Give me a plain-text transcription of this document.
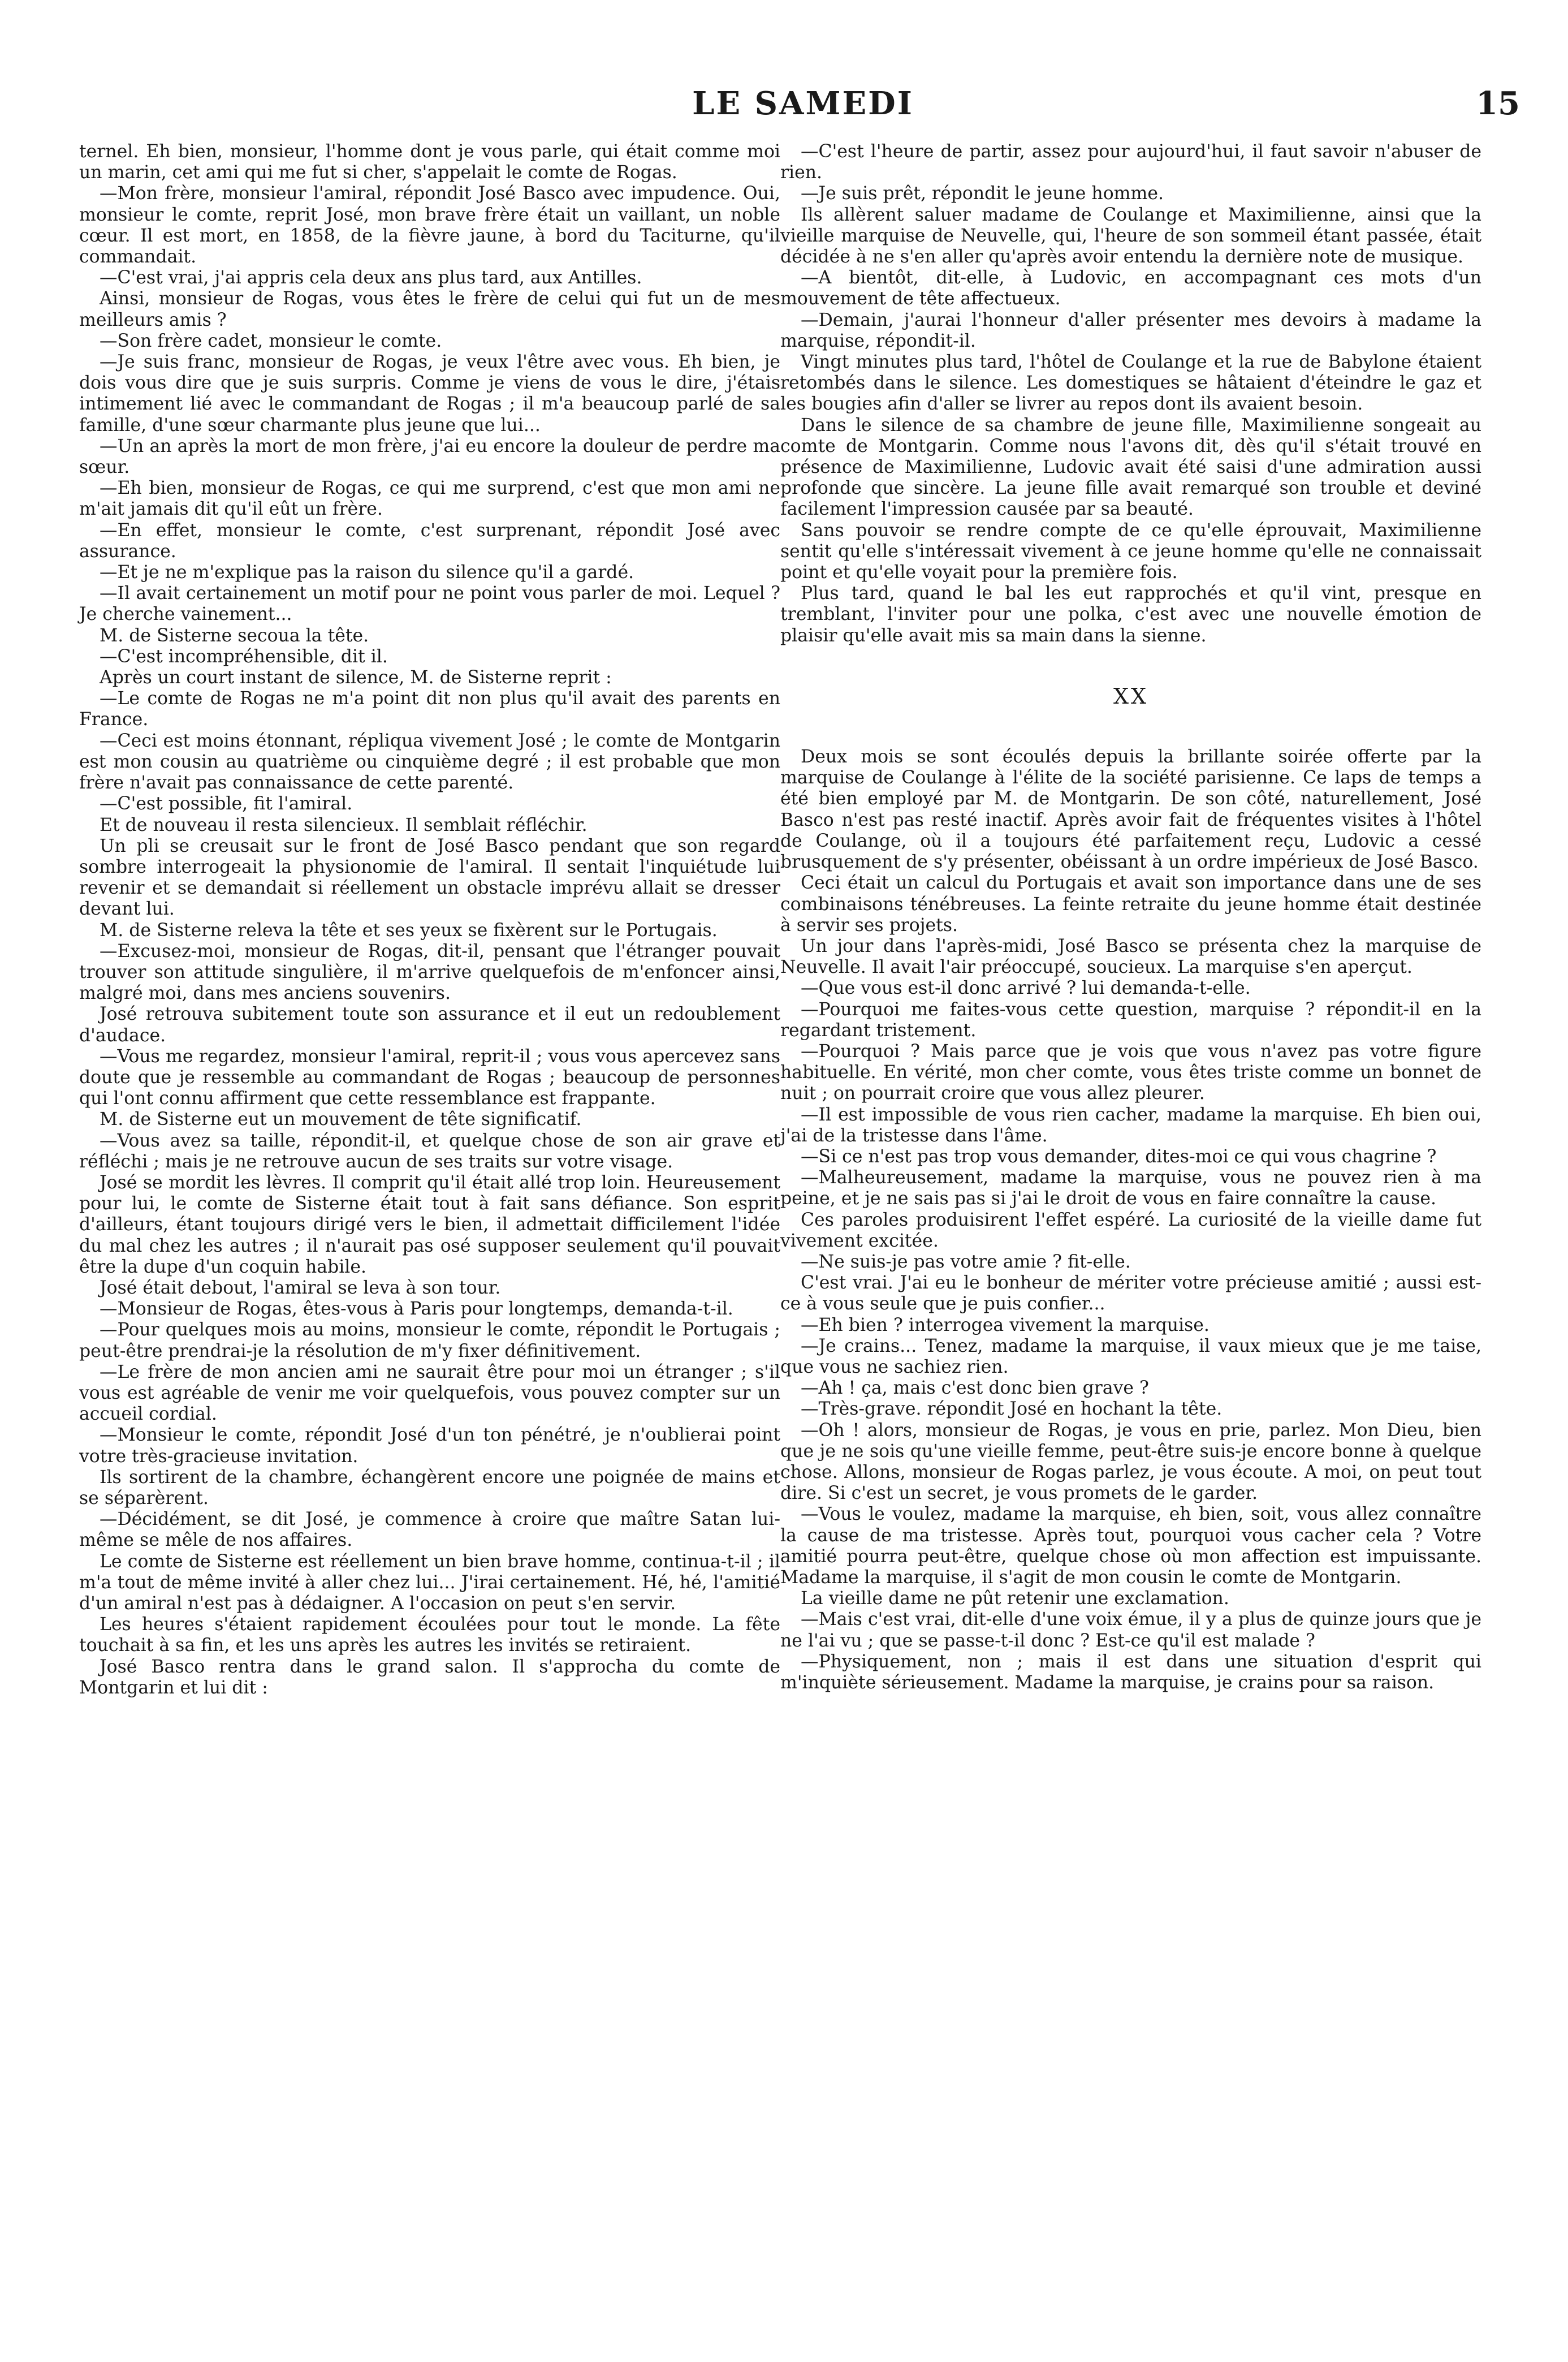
LE SAMEDI	15

ternel. Eh bien, monsieur, l'homme dont je vous parle, qui était comme moi un marin, cet ami qui me fut si cher, s'appelait le comte de Rogas.

—Mon frère, monsieur l'amiral, répondit José Basco avec impudence. Oui, monsieur le comte, reprit José, mon brave frère était un vaillant, un noble cœur. Il est mort, en 1858, de la fièvre jaune, à bord du Taciturne, qu'il commandait.

—C'est vrai, j'ai appris cela deux ans plus tard, aux Antilles.

Ainsi, monsieur de Rogas, vous êtes le frère de celui qui fut un de mes meilleurs amis ?

—Son frère cadet, monsieur le comte.

—Je suis franc, monsieur de Rogas, je veux l'être avec vous. Eh bien, je dois vous dire que je suis surpris. Comme je viens de vous le dire, j'étais intimement lié avec le commandant de Rogas ; il m'a beaucoup parlé de sa famille, d'une sœur charmante plus jeune que lui...

—Un an après la mort de mon frère, j'ai eu encore la douleur de perdre ma sœur.

—Eh bien, monsieur de Rogas, ce qui me surprend, c'est que mon ami ne m'ait jamais dit qu'il eût un frère.

—En effet, monsieur le comte, c'est surprenant, répondit José avec assurance.

—Et je ne m'explique pas la raison du silence qu'il a gardé.

—Il avait certainement un motif pour ne point vous parler de moi. Lequel ? Je cherche vainement...

M. de Sisterne secoua la tête.

—C'est incompréhensible, dit il.

Après un court instant de silence, M. de Sisterne reprit :

—Le comte de Rogas ne m'a point dit non plus qu'il avait des parents en France.

—Ceci est moins étonnant, répliqua vivement José ; le comte de Montgarin est mon cousin au quatrième ou cinquième degré ; il est probable que mon frère n'avait pas connaissance de cette parenté.

—C'est possible, fit l'amiral.

Et de nouveau il resta silencieux. Il semblait réfléchir.

Un pli se creusait sur le front de José Basco pendant que son regard sombre interrogeait la physionomie de l'amiral. Il sentait l'inquiétude lui revenir et se demandait si réellement un obstacle imprévu allait se dresser devant lui.

M. de Sisterne releva la tête et ses yeux se fixèrent sur le Portugais.

—Excusez-moi, monsieur de Rogas, dit-il, pensant que l'étranger pouvait trouver son attitude singulière, il m'arrive quelquefois de m'enfoncer ainsi, malgré moi, dans mes anciens souvenirs.

José retrouva subitement toute son assurance et il eut un redoublement d'audace.

—Vous me regardez, monsieur l'amiral, reprit-il ; vous vous apercevez sans doute que je ressemble au commandant de Rogas ; beaucoup de personnes qui l'ont connu affirment que cette ressemblance est frappante.

M. de Sisterne eut un mouvement de tête significatif.

—Vous avez sa taille, répondit-il, et quelque chose de son air grave et réfléchi ; mais je ne retrouve aucun de ses traits sur votre visage.

José se mordit les lèvres. Il comprit qu'il était allé trop loin. Heureusement pour lui, le comte de Sisterne était tout à fait sans défiance. Son esprit d'ailleurs, étant toujours dirigé vers le bien, il admettait difficilement l'idée du mal chez les autres ; il n'aurait pas osé supposer seulement qu'il pouvait être la dupe d'un coquin habile.

José était debout, l'amiral se leva à son tour.

—Monsieur de Rogas, êtes-vous à Paris pour longtemps, demanda-t-il.

—Pour quelques mois au moins, monsieur le comte, répondit le Portugais ; peut-être prendrai-je la résolution de m'y fixer définitivement.

—Le frère de mon ancien ami ne saurait être pour moi un étranger ; s'il vous est agréable de venir me voir quelquefois, vous pouvez compter sur un accueil cordial.

—Monsieur le comte, répondit José d'un ton pénétré, je n'oublierai point votre très-gracieuse invitation.

Ils sortirent de la chambre, échangèrent encore une poignée de mains et se séparèrent.

—Décidément, se dit José, je commence à croire que maître Satan lui-même se mêle de nos affaires.

Le comte de Sisterne est réellement un bien brave homme, continua-t-il ; il m'a tout de même invité à aller chez lui... J'irai certainement. Hé, hé, l'amitié d'un amiral n'est pas à dédaigner. A l'occasion on peut s'en servir.

Les heures s'étaient rapidement écoulées pour tout le monde. La fête touchait à sa fin, et les uns après les autres les invités se retiraient.

José Basco rentra dans le grand salon. Il s'approcha du comte de Montgarin et lui dit :

—C'est l'heure de partir, assez pour aujourd'hui, il faut savoir n'abuser de rien.

—Je suis prêt, répondit le jeune homme.

Ils allèrent saluer madame de Coulange et Maximilienne, ainsi que la vieille marquise de Neuvelle, qui, l'heure de son sommeil étant passée, était décidée à ne s'en aller qu'après avoir entendu la dernière note de musique.

—A bientôt, dit-elle, à Ludovic, en accompagnant ces mots d'un mouvement de tête affectueux.

—Demain, j'aurai l'honneur d'aller présenter mes devoirs à madame la marquise, répondit-il.

Vingt minutes plus tard, l'hôtel de Coulange et la rue de Babylone étaient retombés dans le silence. Les domestiques se hâtaient d'éteindre le gaz et les bougies afin d'aller se livrer au repos dont ils avaient besoin.

Dans le silence de sa chambre de jeune fille, Maximilienne songeait au comte de Montgarin. Comme nous l'avons dit, dès qu'il s'était trouvé en présence de Maximilienne, Ludovic avait été saisi d'une admiration aussi profonde que sincère. La jeune fille avait remarqué son trouble et deviné facilement l'impression causée par sa beauté.

Sans pouvoir se rendre compte de ce qu'elle éprouvait, Maximilienne sentit qu'elle s'intéressait vivement à ce jeune homme qu'elle ne connaissait point et qu'elle voyait pour la première fois.

Plus tard, quand le bal les eut rapprochés et qu'il vint, presque en tremblant, l'inviter pour une polka, c'est avec une nouvelle émotion de plaisir qu'elle avait mis sa main dans la sienne.

XX

Deux mois se sont écoulés depuis la brillante soirée offerte par la marquise de Coulange à l'élite de la société parisienne. Ce laps de temps a été bien employé par M. de Montgarin. De son côté, naturellement, José Basco n'est pas resté inactif. Après avoir fait de fréquentes visites à l'hôtel de Coulange, où il a toujours été parfaitement reçu, Ludovic a cessé brusquement de s'y présenter, obéissant à un ordre impérieux de José Basco.

Ceci était un calcul du Portugais et avait son importance dans une de ses combinaisons ténébreuses. La feinte retraite du jeune homme était destinée à servir ses projets.

Un jour dans l'après-midi, José Basco se présenta chez la marquise de Neuvelle. Il avait l'air préoccupé, soucieux. La marquise s'en aperçut.

—Que vous est-il donc arrivé ? lui demanda-t-elle.

—Pourquoi me faites-vous cette question, marquise ? répondit-il en la regardant tristement.

—Pourquoi ? Mais parce que je vois que vous n'avez pas votre figure habituelle. En vérité, mon cher comte, vous êtes triste comme un bonnet de nuit ; on pourrait croire que vous allez pleurer.

—Il est impossible de vous rien cacher, madame la marquise. Eh bien oui, j'ai de la tristesse dans l'âme.

—Si ce n'est pas trop vous demander, dites-moi ce qui vous chagrine ?

—Malheureusement, madame la marquise, vous ne pouvez rien à ma peine, et je ne sais pas si j'ai le droit de vous en faire connaître la cause.

Ces paroles produisirent l'effet espéré. La curiosité de la vieille dame fut vivement excitée.

—Ne suis-je pas votre amie ? fit-elle.

C'est vrai. J'ai eu le bonheur de mériter votre précieuse amitié ; aussi est-ce à vous seule que je puis confier...

—Eh bien ? interrogea vivement la marquise.

—Je crains... Tenez, madame la marquise, il vaux mieux que je me taise, que vous ne sachiez rien.

—Ah ! ça, mais c'est donc bien grave ?

—Très-grave. répondit José en hochant la tête.

—Oh ! alors, monsieur de Rogas, je vous en prie, parlez. Mon Dieu, bien que je ne sois qu'une vieille femme, peut-être suis-je encore bonne à quelque chose. Allons, monsieur de Rogas parlez, je vous écoute. A moi, on peut tout dire. Si c'est un secret, je vous promets de le garder.

—Vous le voulez, madame la marquise, eh bien, soit, vous allez connaître la cause de ma tristesse. Après tout, pourquoi vous cacher cela ? Votre amitié pourra peut-être, quelque chose où mon affection est impuissante. Madame la marquise, il s'agit de mon cousin le comte de Montgarin.

La vieille dame ne pût retenir une exclamation.

—Mais c'est vrai, dit-elle d'une voix émue, il y a plus de quinze jours que je ne l'ai vu ; que se passe-t-il donc ? Est-ce qu'il est malade ?

—Physiquement, non ; mais il est dans une situation d'esprit qui m'inquiète sérieusement. Madame la marquise, je crains pour sa raison.
